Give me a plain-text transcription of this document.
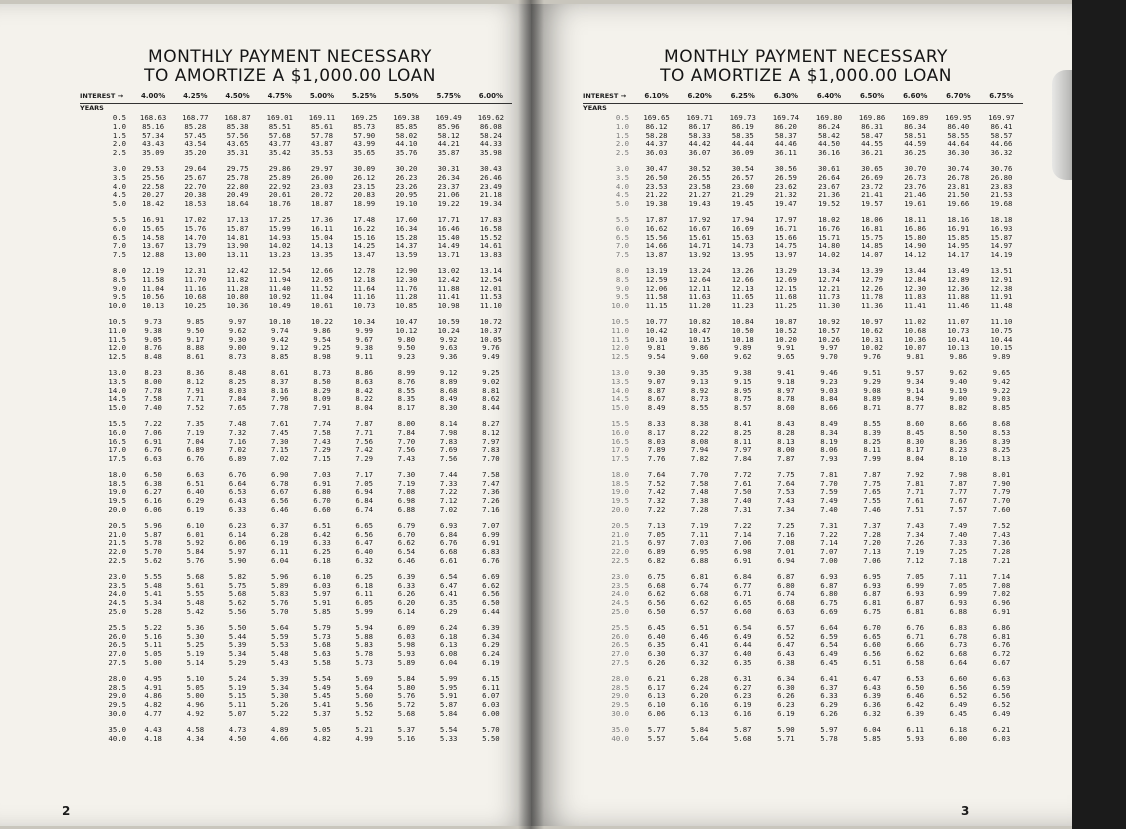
MONTHLY PAYMENT NECESSARY
TO AMORTIZE A $1,000.00 LOAN
INTEREST →	4.00%	4.25%	4.50%	4.75%	5.00%	5.25%	5.50%	5.75%	6.00%
YEARS									
0.5	168.63	168.77	168.87	169.01	169.11	169.25	169.38	169.49	169.62
1.0	85.16	85.28	85.38	85.51	85.61	85.73	85.85	85.96	86.08
1.5	57.34	57.45	57.56	57.68	57.78	57.90	58.02	58.12	58.24
2.0	43.43	43.54	43.65	43.77	43.87	43.99	44.10	44.21	44.33
2.5	35.09	35.20	35.31	35.42	35.53	35.65	35.76	35.87	35.98

3.0	29.53	29.64	29.75	29.86	29.97	30.09	30.20	30.31	30.43
3.5	25.56	25.67	25.78	25.89	26.00	26.12	26.23	26.34	26.46
4.0	22.58	22.70	22.80	22.92	23.03	23.15	23.26	23.37	23.49
4.5	20.27	20.38	20.49	20.61	20.72	20.83	20.95	21.06	21.18
5.0	18.42	18.53	18.64	18.76	18.87	18.99	19.10	19.22	19.34

5.5	16.91	17.02	17.13	17.25	17.36	17.48	17.60	17.71	17.83
6.0	15.65	15.76	15.87	15.99	16.11	16.22	16.34	16.46	16.58
6.5	14.58	14.70	14.81	14.93	15.04	15.16	15.28	15.40	15.52
7.0	13.67	13.79	13.90	14.02	14.13	14.25	14.37	14.49	14.61
7.5	12.88	13.00	13.11	13.23	13.35	13.47	13.59	13.71	13.83

8.0	12.19	12.31	12.42	12.54	12.66	12.78	12.90	13.02	13.14
8.5	11.58	11.70	11.82	11.94	12.05	12.18	12.30	12.42	12.54
9.0	11.04	11.16	11.28	11.40	11.52	11.64	11.76	11.88	12.01
9.5	10.56	10.68	10.80	10.92	11.04	11.16	11.28	11.41	11.53
10.0	10.13	10.25	10.36	10.49	10.61	10.73	10.85	10.98	11.10

10.5	9.73	9.85	9.97	10.10	10.22	10.34	10.47	10.59	10.72
11.0	9.38	9.50	9.62	9.74	9.86	9.99	10.12	10.24	10.37
11.5	9.05	9.17	9.30	9.42	9.54	9.67	9.80	9.92	10.05
12.0	8.76	8.88	9.00	9.12	9.25	9.38	9.50	9.63	9.76
12.5	8.48	8.61	8.73	8.85	8.98	9.11	9.23	9.36	9.49

13.0	8.23	8.36	8.48	8.61	8.73	8.86	8.99	9.12	9.25
13.5	8.00	8.12	8.25	8.37	8.50	8.63	8.76	8.89	9.02
14.0	7.78	7.91	8.03	8.16	8.29	8.42	8.55	8.68	8.81
14.5	7.58	7.71	7.84	7.96	8.09	8.22	8.35	8.49	8.62
15.0	7.40	7.52	7.65	7.78	7.91	8.04	8.17	8.30	8.44

15.5	7.22	7.35	7.48	7.61	7.74	7.87	8.00	8.14	8.27
16.0	7.06	7.19	7.32	7.45	7.58	7.71	7.84	7.98	8.12
16.5	6.91	7.04	7.16	7.30	7.43	7.56	7.70	7.83	7.97
17.0	6.76	6.89	7.02	7.15	7.29	7.42	7.56	7.69	7.83
17.5	6.63	6.76	6.89	7.02	7.15	7.29	7.43	7.56	7.70

18.0	6.50	6.63	6.76	6.90	7.03	7.17	7.30	7.44	7.58
18.5	6.38	6.51	6.64	6.78	6.91	7.05	7.19	7.33	7.47
19.0	6.27	6.40	6.53	6.67	6.80	6.94	7.08	7.22	7.36
19.5	6.16	6.29	6.43	6.56	6.70	6.84	6.98	7.12	7.26
20.0	6.06	6.19	6.33	6.46	6.60	6.74	6.88	7.02	7.16

20.5	5.96	6.10	6.23	6.37	6.51	6.65	6.79	6.93	7.07
21.0	5.87	6.01	6.14	6.28	6.42	6.56	6.70	6.84	6.99
21.5	5.78	5.92	6.06	6.19	6.33	6.47	6.62	6.76	6.91
22.0	5.70	5.84	5.97	6.11	6.25	6.40	6.54	6.68	6.83
22.5	5.62	5.76	5.90	6.04	6.18	6.32	6.46	6.61	6.76

23.0	5.55	5.68	5.82	5.96	6.10	6.25	6.39	6.54	6.69
23.5	5.48	5.61	5.75	5.89	6.03	6.18	6.33	6.47	6.62
24.0	5.41	5.55	5.68	5.83	5.97	6.11	6.26	6.41	6.56
24.5	5.34	5.48	5.62	5.76	5.91	6.05	6.20	6.35	6.50
25.0	5.28	5.42	5.56	5.70	5.85	5.99	6.14	6.29	6.44

25.5	5.22	5.36	5.50	5.64	5.79	5.94	6.09	6.24	6.39
26.0	5.16	5.30	5.44	5.59	5.73	5.88	6.03	6.18	6.34
26.5	5.11	5.25	5.39	5.53	5.68	5.83	5.98	6.13	6.29
27.0	5.05	5.19	5.34	5.48	5.63	5.78	5.93	6.08	6.24
27.5	5.00	5.14	5.29	5.43	5.58	5.73	5.89	6.04	6.19

28.0	4.95	5.10	5.24	5.39	5.54	5.69	5.84	5.99	6.15
28.5	4.91	5.05	5.19	5.34	5.49	5.64	5.80	5.95	6.11
29.0	4.86	5.00	5.15	5.30	5.45	5.60	5.76	5.91	6.07
29.5	4.82	4.96	5.11	5.26	5.41	5.56	5.72	5.87	6.03
30.0	4.77	4.92	5.07	5.22	5.37	5.52	5.68	5.84	6.00

35.0	4.43	4.58	4.73	4.89	5.05	5.21	5.37	5.54	5.70
40.0	4.18	4.34	4.50	4.66	4.82	4.99	5.16	5.33	5.50
2
MONTHLY PAYMENT NECESSARY
TO AMORTIZE A $1,000.00 LOAN
INTEREST →	6.10%	6.20%	6.25%	6.30%	6.40%	6.50%	6.60%	6.70%	6.75%
YEARS									
0.5	169.65	169.71	169.73	169.74	169.80	169.86	169.89	169.95	169.97
1.0	86.12	86.17	86.19	86.20	86.24	86.31	86.34	86.40	86.41
1.5	58.28	58.33	58.35	58.37	58.42	58.47	58.51	58.55	58.57
2.0	44.37	44.42	44.44	44.46	44.50	44.55	44.59	44.64	44.66
2.5	36.03	36.07	36.09	36.11	36.16	36.21	36.25	36.30	36.32

3.0	30.47	30.52	30.54	30.56	30.61	30.65	30.70	30.74	30.76
3.5	26.50	26.55	26.57	26.59	26.64	26.69	26.73	26.78	26.80
4.0	23.53	23.58	23.60	23.62	23.67	23.72	23.76	23.81	23.83
4.5	21.22	21.27	21.29	21.32	21.36	21.41	21.46	21.50	21.53
5.0	19.38	19.43	19.45	19.47	19.52	19.57	19.61	19.66	19.68

5.5	17.87	17.92	17.94	17.97	18.02	18.06	18.11	18.16	18.18
6.0	16.62	16.67	16.69	16.71	16.76	16.81	16.86	16.91	16.93
6.5	15.56	15.61	15.63	15.66	15.71	15.75	15.80	15.85	15.87
7.0	14.66	14.71	14.73	14.75	14.80	14.85	14.90	14.95	14.97
7.5	13.87	13.92	13.95	13.97	14.02	14.07	14.12	14.17	14.19

8.0	13.19	13.24	13.26	13.29	13.34	13.39	13.44	13.49	13.51
8.5	12.59	12.64	12.66	12.69	12.74	12.79	12.84	12.89	12.91
9.0	12.06	12.11	12.13	12.15	12.21	12.26	12.30	12.36	12.38
9.5	11.58	11.63	11.65	11.68	11.73	11.78	11.83	11.88	11.91
10.0	11.15	11.20	11.23	11.25	11.30	11.36	11.41	11.46	11.48

10.5	10.77	10.82	10.84	10.87	10.92	10.97	11.02	11.07	11.10
11.0	10.42	10.47	10.50	10.52	10.57	10.62	10.68	10.73	10.75
11.5	10.10	10.15	10.18	10.20	10.26	10.31	10.36	10.41	10.44
12.0	9.81	9.86	9.89	9.91	9.97	10.02	10.07	10.13	10.15
12.5	9.54	9.60	9.62	9.65	9.70	9.76	9.81	9.86	9.89

13.0	9.30	9.35	9.38	9.41	9.46	9.51	9.57	9.62	9.65
13.5	9.07	9.13	9.15	9.18	9.23	9.29	9.34	9.40	9.42
14.0	8.87	8.92	8.95	8.97	9.03	9.08	9.14	9.19	9.22
14.5	8.67	8.73	8.75	8.78	8.84	8.89	8.94	9.00	9.03
15.0	8.49	8.55	8.57	8.60	8.66	8.71	8.77	8.82	8.85

15.5	8.33	8.38	8.41	8.43	8.49	8.55	8.60	8.66	8.68
16.0	8.17	8.22	8.25	8.28	8.34	8.39	8.45	8.50	8.53
16.5	8.03	8.08	8.11	8.13	8.19	8.25	8.30	8.36	8.39
17.0	7.89	7.94	7.97	8.00	8.06	8.11	8.17	8.23	8.25
17.5	7.76	7.82	7.84	7.87	7.93	7.99	8.04	8.10	8.13

18.0	7.64	7.70	7.72	7.75	7.81	7.87	7.92	7.98	8.01
18.5	7.52	7.58	7.61	7.64	7.70	7.75	7.81	7.87	7.90
19.0	7.42	7.48	7.50	7.53	7.59	7.65	7.71	7.77	7.79
19.5	7.32	7.38	7.40	7.43	7.49	7.55	7.61	7.67	7.70
20.0	7.22	7.28	7.31	7.34	7.40	7.46	7.51	7.57	7.60

20.5	7.13	7.19	7.22	7.25	7.31	7.37	7.43	7.49	7.52
21.0	7.05	7.11	7.14	7.16	7.22	7.28	7.34	7.40	7.43
21.5	6.97	7.03	7.06	7.08	7.14	7.20	7.26	7.33	7.36
22.0	6.89	6.95	6.98	7.01	7.07	7.13	7.19	7.25	7.28
22.5	6.82	6.88	6.91	6.94	7.00	7.06	7.12	7.18	7.21

23.0	6.75	6.81	6.84	6.87	6.93	6.95	7.05	7.11	7.14
23.5	6.68	6.74	6.77	6.80	6.87	6.93	6.99	7.05	7.08
24.0	6.62	6.68	6.71	6.74	6.80	6.87	6.93	6.99	7.02
24.5	6.56	6.62	6.65	6.68	6.75	6.81	6.87	6.93	6.96
25.0	6.50	6.57	6.60	6.63	6.69	6.75	6.81	6.88	6.91

25.5	6.45	6.51	6.54	6.57	6.64	6.70	6.76	6.83	6.86
26.0	6.40	6.46	6.49	6.52	6.59	6.65	6.71	6.78	6.81
26.5	6.35	6.41	6.44	6.47	6.54	6.60	6.66	6.73	6.76
27.0	6.30	6.37	6.40	6.43	6.49	6.56	6.62	6.68	6.72
27.5	6.26	6.32	6.35	6.38	6.45	6.51	6.58	6.64	6.67

28.0	6.21	6.28	6.31	6.34	6.41	6.47	6.53	6.60	6.63
28.5	6.17	6.24	6.27	6.30	6.37	6.43	6.50	6.56	6.59
29.0	6.13	6.20	6.23	6.26	6.33	6.39	6.46	6.52	6.56
29.5	6.10	6.16	6.19	6.23	6.29	6.36	6.42	6.49	6.52
30.0	6.06	6.13	6.16	6.19	6.26	6.32	6.39	6.45	6.49

35.0	5.77	5.84	5.87	5.90	5.97	6.04	6.11	6.18	6.21
40.0	5.57	5.64	5.68	5.71	5.78	5.85	5.93	6.00	6.03
3
